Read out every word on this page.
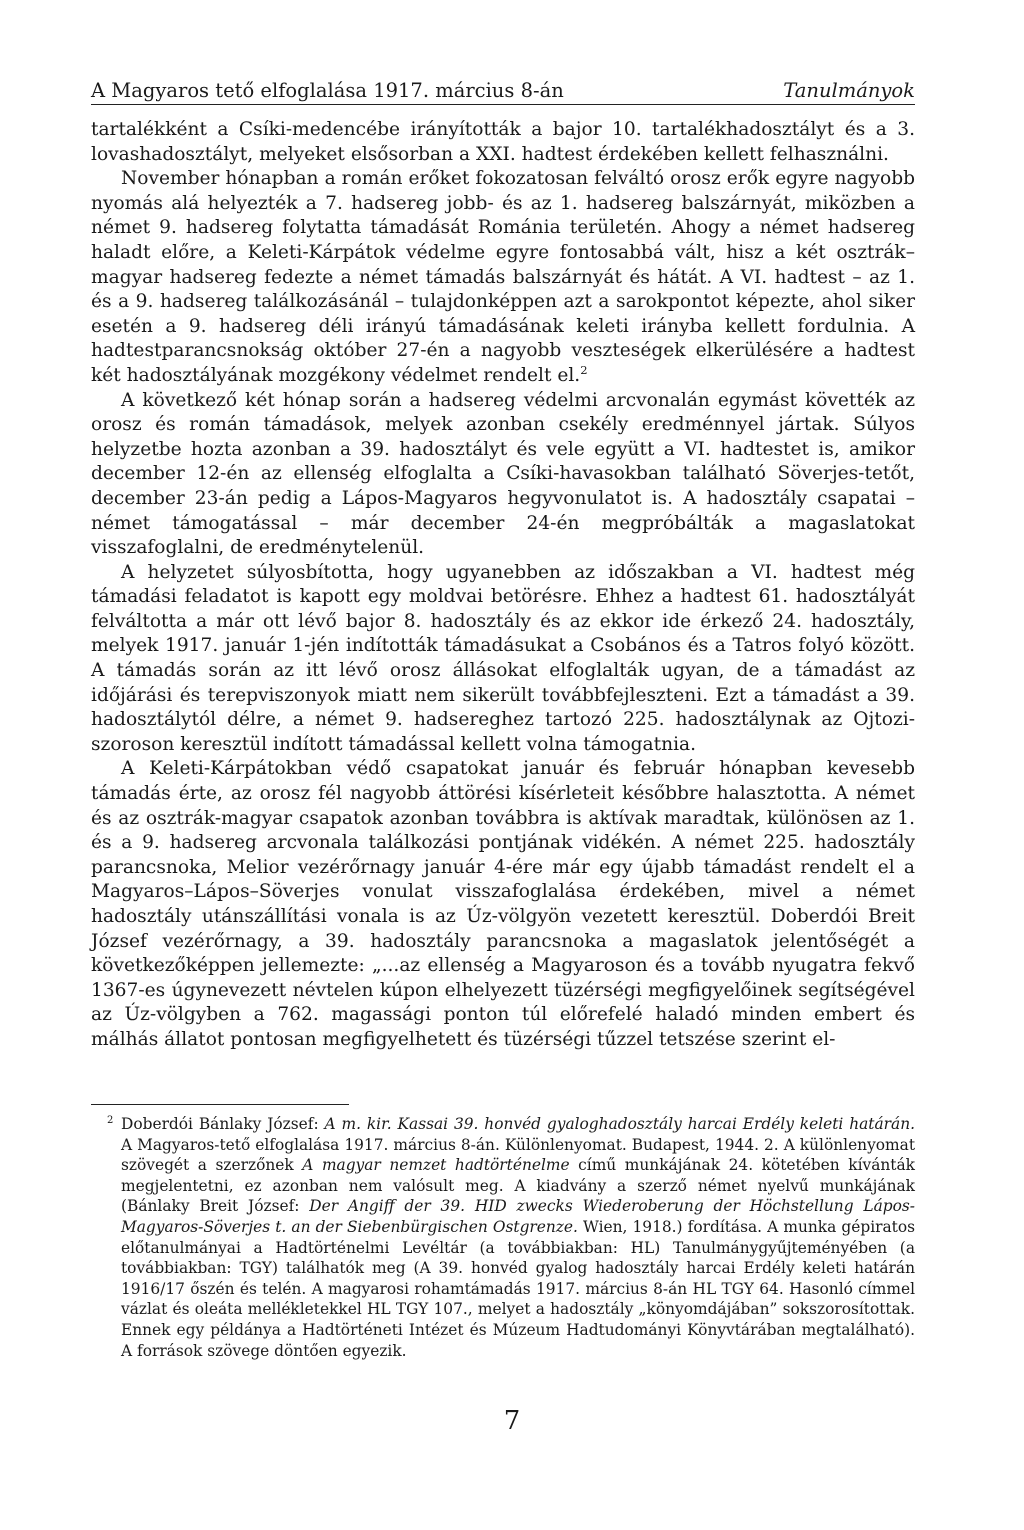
A Magyaros tető elfoglalása 1917. március 8-án	Tanulmányok

tartalékként a Csíki-medencébe irányították a bajor 10. tartalékhadosztályt és a 3. lovashadosztályt, melyeket elsősorban a XXI. hadtest érdekében kellett felhasználni.

November hónapban a román erőket fokozatosan felváltó orosz erők egyre nagyobb nyomás alá helyezték a 7. hadsereg jobb- és az 1. hadsereg balszárnyát, miközben a német 9. hadsereg folytatta támadását Románia területén. Ahogy a német hadsereg haladt előre, a Keleti-Kárpátok védelme egyre fontosabbá vált, hisz a két osztrák–magyar hadsereg fedezte a német támadás balszárnyát és hátát. A VI. hadtest – az 1. és a 9. hadsereg találkozásánál – tulajdonképpen azt a sarokpontot képezte, ahol siker esetén a 9. hadsereg déli irányú támadásának keleti irányba kellett fordulnia. A hadtestparancsnokság október 27-én a nagyobb veszteségek elkerülésére a hadtest két hadosztályának mozgékony védelmet rendelt el.$^2$

A következő két hónap során a hadsereg védelmi arcvonalán egymást követték az orosz és román támadások, melyek azonban csekély eredménnyel jártak. Súlyos helyzetbe hozta azonban a 39. hadosztályt és vele együtt a VI. hadtestet is, amikor december 12-én az ellenség elfoglalta a Csíki-havasokban található Söverjes-tetőt, december 23-án pedig a Lápos-Magyaros hegyvonulatot is. A hadosztály csapatai – német támogatással – már december 24-én megpróbálták a magaslatokat visszafoglalni, de eredménytelenül.

A helyzetet súlyosbította, hogy ugyanebben az időszakban a VI. hadtest még támadási feladatot is kapott egy moldvai betörésre. Ehhez a hadtest 61. hadosztályát felváltotta a már ott lévő bajor 8. hadosztály és az ekkor ide érkező 24. hadosztály, melyek 1917. január 1-jén indították támadásukat a Csobános és a Tatros folyó között. A támadás során az itt lévő orosz állásokat elfoglalták ugyan, de a támadást az időjárási és terepviszonyok miatt nem sikerült továbbfejleszteni. Ezt a támadást a 39. hadosztálytól délre, a német 9. hadsereghez tartozó 225. hadosztálynak az Ojtozi-szoroson keresztül indított támadással kellett volna támogatnia.

A Keleti-Kárpátokban védő csapatokat január és február hónapban kevesebb támadás érte, az orosz fél nagyobb áttörési kísérleteit későbbre halasztotta. A német és az osztrák-magyar csapatok azonban továbbra is aktívak maradtak, különösen az 1. és a 9. hadsereg arcvonala találkozási pontjának vidékén. A német 225. hadosztály parancsnoka, Melior vezérőrnagy január 4-ére már egy újabb támadást rendelt el a Magyaros–Lápos–Söverjes vonulat visszafoglalása érdekében, mivel a német hadosztály utánszállítási vonala is az Úz-völgyön vezetett keresztül. Doberdói Breit József vezérőrnagy, a 39. hadosztály parancsnoka a magaslatok jelentőségét a következőképpen jellemezte: „...az ellenség a Magyaroson és a tovább nyugatra fekvő 1367-es úgynevezett névtelen kúpon elhelyezett tüzérségi megfigyelőinek segítségével az Úz-völgyben a 762. magassági ponton túl előrefelé haladó minden embert és málhás állatot pontosan megfigyelhetett és tüzérségi tűzzel tetszése szerint el-

2 Doberdói Bánlaky József: A m. kir. Kassai 39. honvéd gyaloghadosztály harcai Erdély keleti határán. A Magyaros-tető elfoglalása 1917. március 8-án. Különlenyomat. Budapest, 1944. 2. A különlenyomat szövegét a szerzőnek A magyar nemzet hadtörténelme című munkájának 24. kötetében kívánták megjelentetni, ez azonban nem valósult meg. A kiadvány a szerző német nyelvű munkájának (Bánlaky Breit József: Der Angiff der 39. HID zwecks Wiederoberung der Höchstellung Lápos-Magyaros-Söverjes t. an der Siebenbürgischen Ostgrenze. Wien, 1918.) fordítása. A munka gépiratos előtanulmányai a Hadtörténelmi Levéltár (a továbbiakban: HL) Tanulmánygyűjteményében (a továbbiakban: TGY) találhatók meg (A 39. honvéd gyalog hadosztály harcai Erdély keleti határán 1916/17 őszén és telén. A magyarosi rohamtámadás 1917. március 8-án HL TGY 64. Hasonló címmel vázlat és oleáta mellékletekkel HL TGY 107., melyet a hadosztály „könyomdájában” sokszorosítottak. Ennek egy példánya a Hadtörténeti Intézet és Múzeum Hadtudományi Könyvtárában megtalálható). A források szövege döntően egyezik.
7
